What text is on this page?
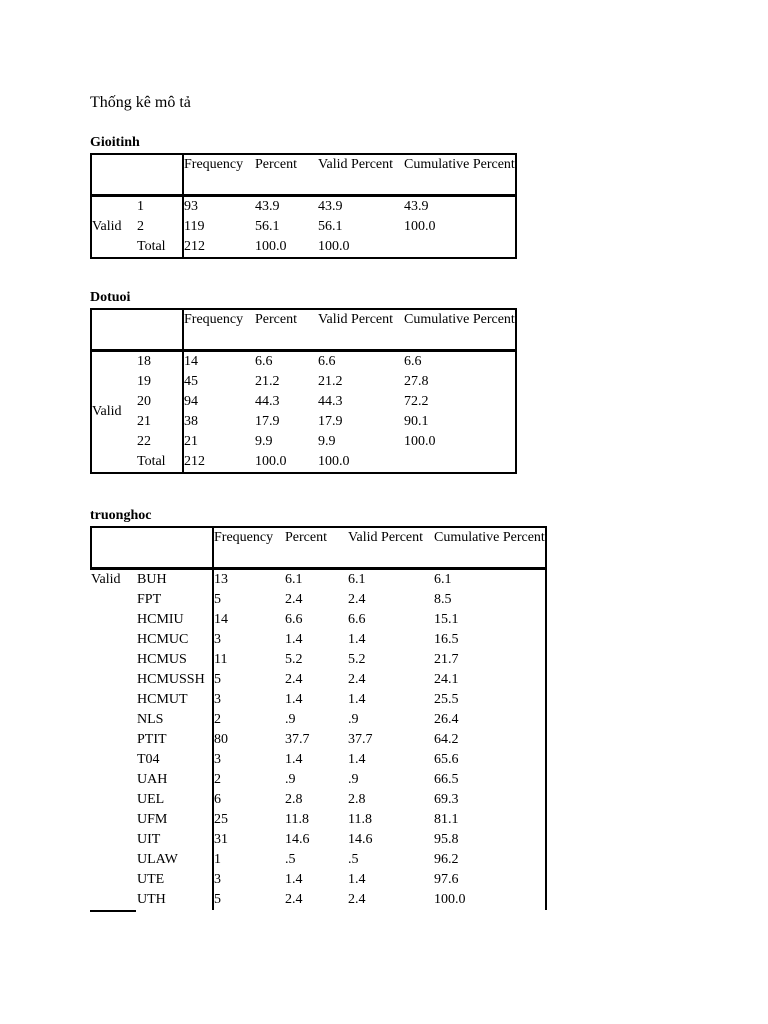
Thống kê mô tả
Gioitinh
		Frequency	Percent	Valid Percent	Cumulative Percent
Valid	1	93	43.9	43.9	43.9
	2	119	56.1	56.1	100.0
	Total	212	100.0	100.0	
Dotuoi
		Frequency	Percent	Valid Percent	Cumulative Percent
Valid	18	14	6.6	6.6	6.6
	19	45	21.2	21.2	27.8
	20	94	44.3	44.3	72.2
	21	38	17.9	17.9	90.1
	22	21	9.9	9.9	100.0
	Total	212	100.0	100.0	
truonghoc
		Frequency	Percent	Valid Percent	Cumulative Percent
Valid	BUH	13	6.1	6.1	6.1
	FPT	5	2.4	2.4	8.5
	HCMIU	14	6.6	6.6	15.1
	HCMUC	3	1.4	1.4	16.5
	HCMUS	11	5.2	5.2	21.7
	HCMUSSH	5	2.4	2.4	24.1
	HCMUT	3	1.4	1.4	25.5
	NLS	2	.9	.9	26.4
	PTIT	80	37.7	37.7	64.2
	T04	3	1.4	1.4	65.6
	UAH	2	.9	.9	66.5
	UEL	6	2.8	2.8	69.3
	UFM	25	11.8	11.8	81.1
	UIT	31	14.6	14.6	95.8
	ULAW	1	.5	.5	96.2
	UTE	3	1.4	1.4	97.6
	UTH	5	2.4	2.4	100.0
